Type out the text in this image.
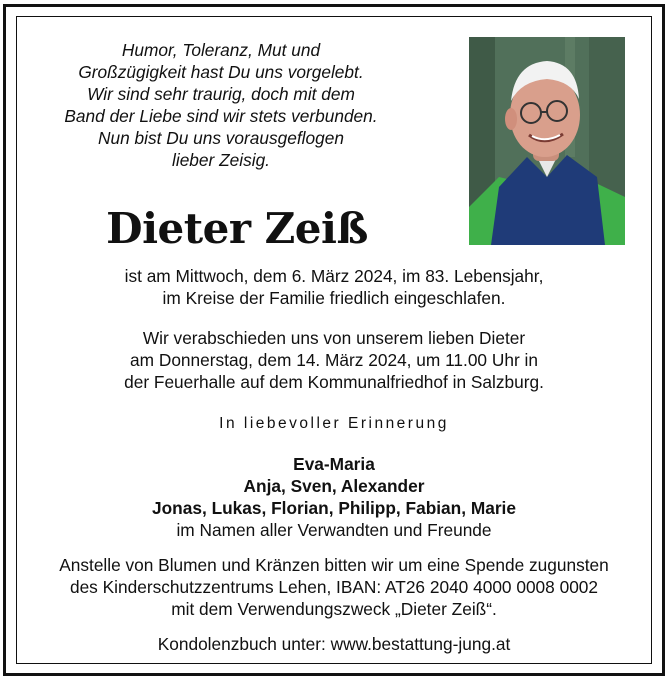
Humor, Toleranz, Mut und
Großzügigkeit hast Du uns vorgelebt.
Wir sind sehr traurig, doch mit dem
Band der Liebe sind wir stets verbunden.
Nun bist Du uns vorausgeflogen
lieber Zeisig.
Dieter Zeiß
ist am Mittwoch, dem 6. März 2024, im 83. Lebensjahr,
im Kreise der Familie friedlich eingeschlafen.
Wir verabschieden uns von unserem lieben Dieter
am Donnerstag, dem 14. März 2024, um 11.00 Uhr in
der Feuerhalle auf dem Kommunalfriedhof in Salzburg.
In liebevoller Erinnerung
Eva-Maria
Anja, Sven, Alexander
Jonas, Lukas, Florian, Philipp, Fabian, Marie
im Namen aller Verwandten und Freunde
Anstelle von Blumen und Kränzen bitten wir um eine Spende zugunsten
des Kinderschutzzentrums Lehen, IBAN: AT26 2040 4000 0008 0002
mit dem Verwendungszweck „Dieter Zeiß“.
Kondolenzbuch unter: www.bestattung-jung.at
